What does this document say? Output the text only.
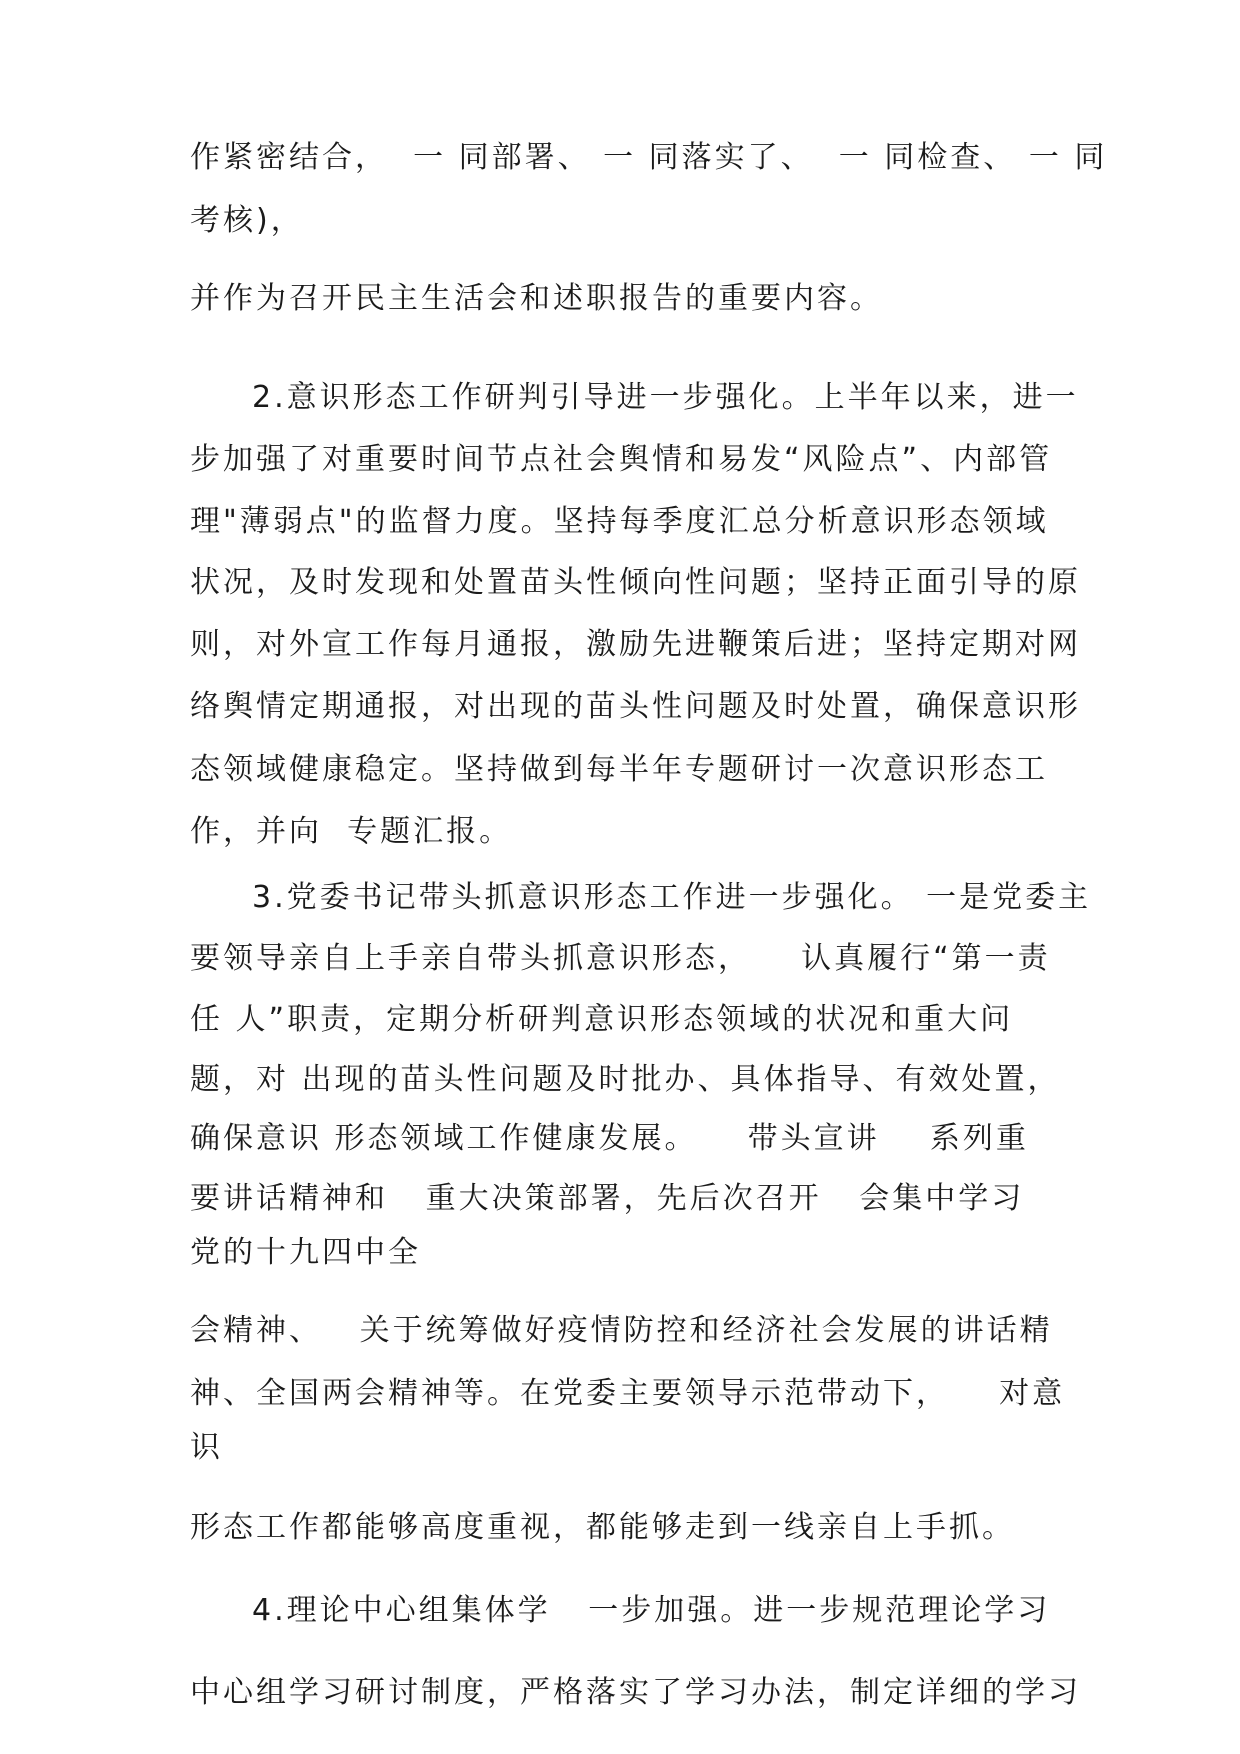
作紧密结合，  一 同部署、 一 同落实了、  一 同检查、 一 同
考核)，
并作为召开民主生活会和述职报告的重要内容。
2.意识形态工作研判引导进一步强化。上半年以来，进一
步加强了对重要时间节点社会舆情和易发“风险点”、内部管
理"薄弱点"的监督力度。坚持每季度汇总分析意识形态领域
状况，及时发现和处置苗头性倾向性问题；坚持正面引导的原
则，对外宣工作每月通报，激励先进鞭策后进；坚持定期对网
络舆情定期通报，对出现的苗头性问题及时处置，确保意识形
态领域健康稳定。坚持做到每半年专题研讨一次意识形态工
作，并向  专题汇报。
3.党委书记带头抓意识形态工作进一步强化。 一是党委主
要领导亲自上手亲自带头抓意识形态，    认真履行“第一责
任 人”职责，定期分析研判意识形态领域的状况和重大问
题，对 出现的苗头性问题及时批办、具体指导、有效处置，
确保意识 形态领域工作健康发展。    带头宣讲    系列重
要讲话精神和   重大决策部署，先后次召开   会集中学习
党的十九四中全
会精神、   关于统筹做好疫情防控和经济社会发展的讲话精
神、全国两会精神等。在党委主要领导示范带动下，    对意
识
形态工作都能够高度重视，都能够走到一线亲自上手抓。
4.理论中心组集体学   一步加强。进一步规范理论学习
中心组学习研讨制度，严格落实了学习办法，制定详细的学习
